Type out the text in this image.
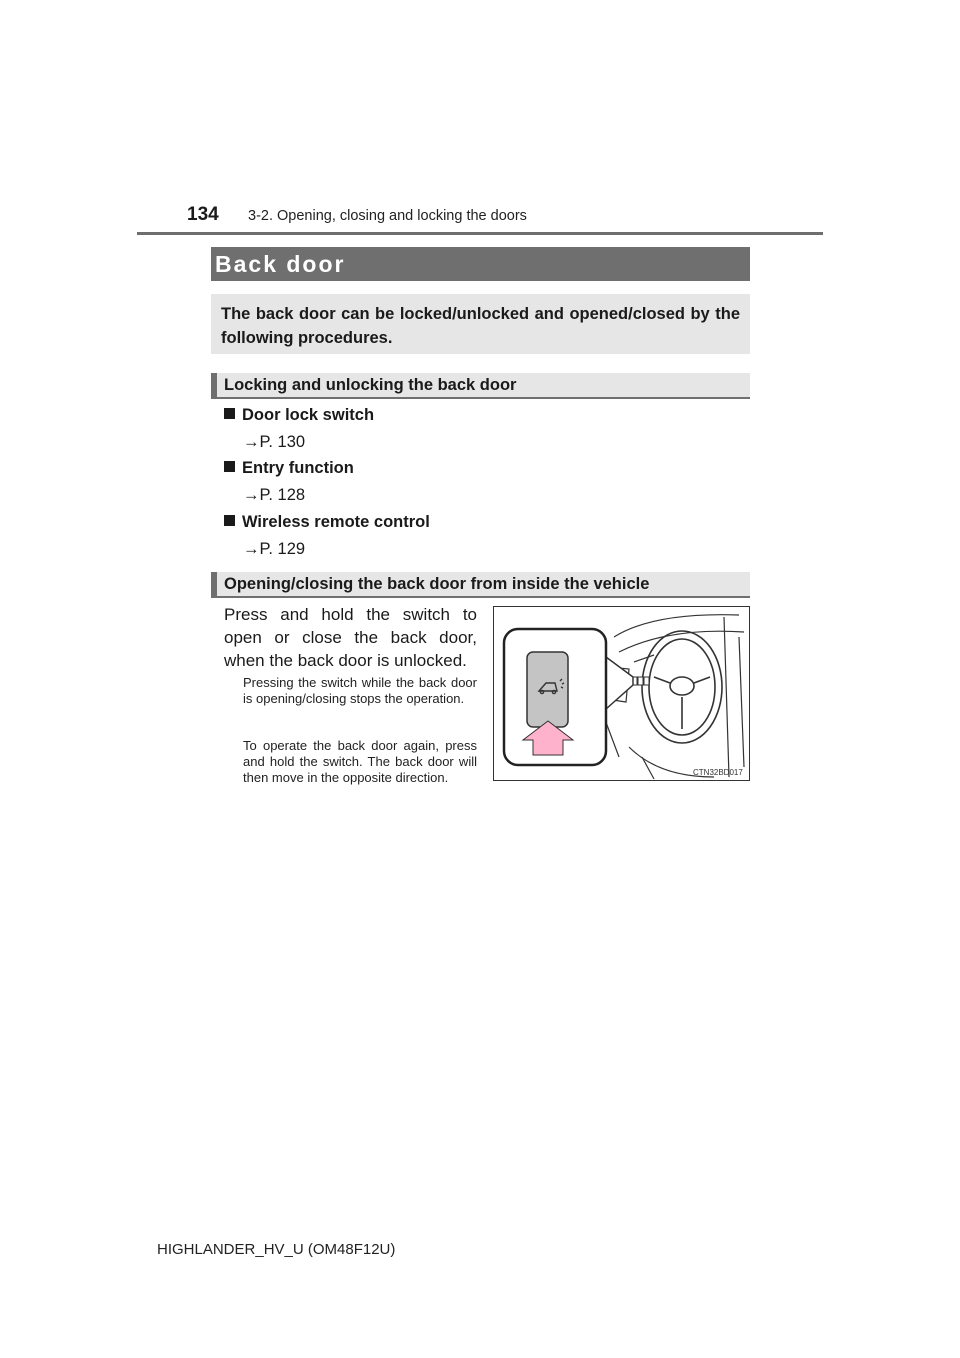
134 3-2. Opening, closing and locking the doors
Back door
The back door can be locked/unlocked and opened/closed by the following procedures.
Locking and unlocking the back door
Door lock switch
→P. 130
Entry function
→P. 128
Wireless remote control
→P. 129
Opening/closing the back door from inside the vehicle
Press and hold the switch to open or close the back door, when the back door is unlocked.
Pressing the switch while the back door is opening/closing stops the operation.
To operate the back door again, press and hold the switch. The back door will then move in the opposite direction.	CTN32BD017
HIGHLANDER_HV_U (OM48F12U)
